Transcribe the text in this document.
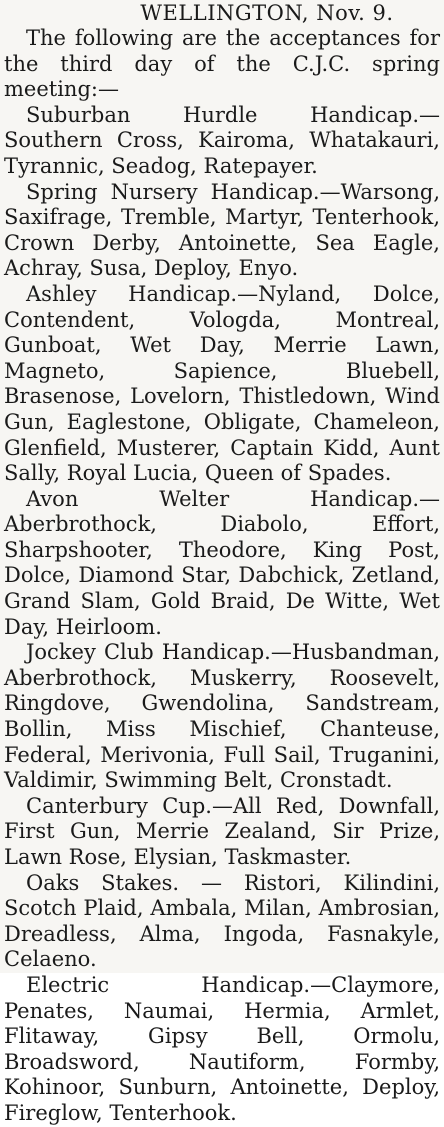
WELLINGTON, Nov. 9.

The following are the acceptances for the third day of the C.J.C. spring meeting:—

Suburban Hurdle Handicap.—Southern Cross, Kairoma, Whatakauri, Tyrannic, Seadog, Ratepayer.

Spring Nursery Handicap.—Warsong, Saxifrage, Tremble, Martyr, Tenterhook, Crown Derby, Antoinette, Sea Eagle, Achray, Susa, Deploy, Enyo.

Ashley Handicap.—Nyland, Dolce, Contendent, Vologda, Montreal, Gunboat, Wet Day, Merrie Lawn, Magneto, Sapience, Bluebell, Brasenose, Lovelorn, Thistledown, Wind Gun, Eaglestone, Obligate, Chameleon, Glenfield, Musterer, Captain Kidd, Aunt Sally, Royal Lucia, Queen of Spades.

Avon Welter Handicap.—Aberbrothock, Diabolo, Effort, Sharpshooter, Theodore, King Post, Dolce, Diamond Star, Dabchick, Zetland, Grand Slam, Gold Braid, De Witte, Wet Day, Heirloom.

Jockey Club Handicap.—Husbandman, Aberbrothock, Muskerry, Roosevelt, Ringdove, Gwendolina, Sandstream, Bollin, Miss Mischief, Chanteuse, Federal, Merivonia, Full Sail, Truganini, Valdimir, Swimming Belt, Cronstadt.

Canterbury Cup.—All Red, Downfall, First Gun, Merrie Zealand, Sir Prize, Lawn Rose, Elysian, Taskmaster.

Oaks Stakes. — Ristori, Kilindini, Scotch Plaid, Ambala, Milan, Ambrosian, Dreadless, Alma, Ingoda, Fasnakyle, Celaeno.

Electric Handicap.—Claymore, Penates, Naumai, Hermia, Armlet, Flitaway, Gipsy Bell, Ormolu, Broadsword, Nautiform, Formby, Kohinoor, Sunburn, Antoinette, Deploy, Fireglow, Tenterhook.
